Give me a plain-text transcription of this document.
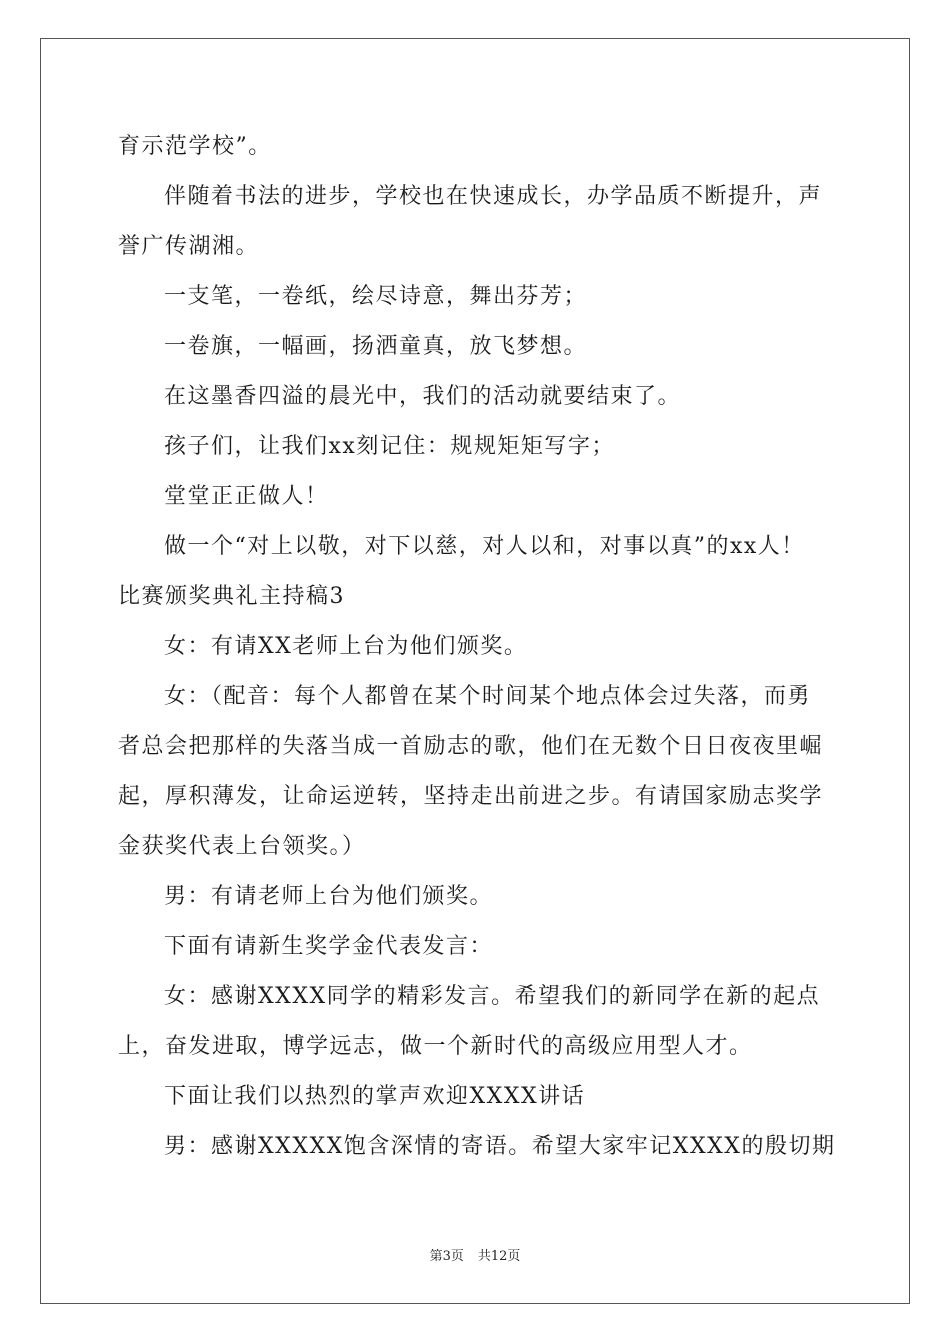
育示范学校”。
伴随着书法的进步，学校也在快速成长，办学品质不断提升，声
誉广传湖湘。
一支笔，一卷纸，绘尽诗意，舞出芬芳；
一卷旗，一幅画，扬洒童真，放飞梦想。
在这墨香四溢的晨光中，我们的活动就要结束了。
孩子们，让我们xx刻记住：规规矩矩写字；
堂堂正正做人！
做一个“对上以敬，对下以慈，对人以和，对事以真”的xx人！
比赛颁奖典礼主持稿3
女：有请XX老师上台为他们颁奖。
女：（配音：每个人都曾在某个时间某个地点体会过失落，而勇
者总会把那样的失落当成一首励志的歌，他们在无数个日日夜夜里崛
起，厚积薄发，让命运逆转，坚持走出前进之步。有请国家励志奖学
金获奖代表上台领奖。）
男：有请老师上台为他们颁奖。
下面有请新生奖学金代表发言：
女：感谢XXXX同学的精彩发言。希望我们的新同学在新的起点
上，奋发进取，博学远志，做一个新时代的高级应用型人才。
下面让我们以热烈的掌声欢迎XXXX讲话
男：感谢XXXXX饱含深情的寄语。希望大家牢记XXXX的殷切期
第3页 共12页
